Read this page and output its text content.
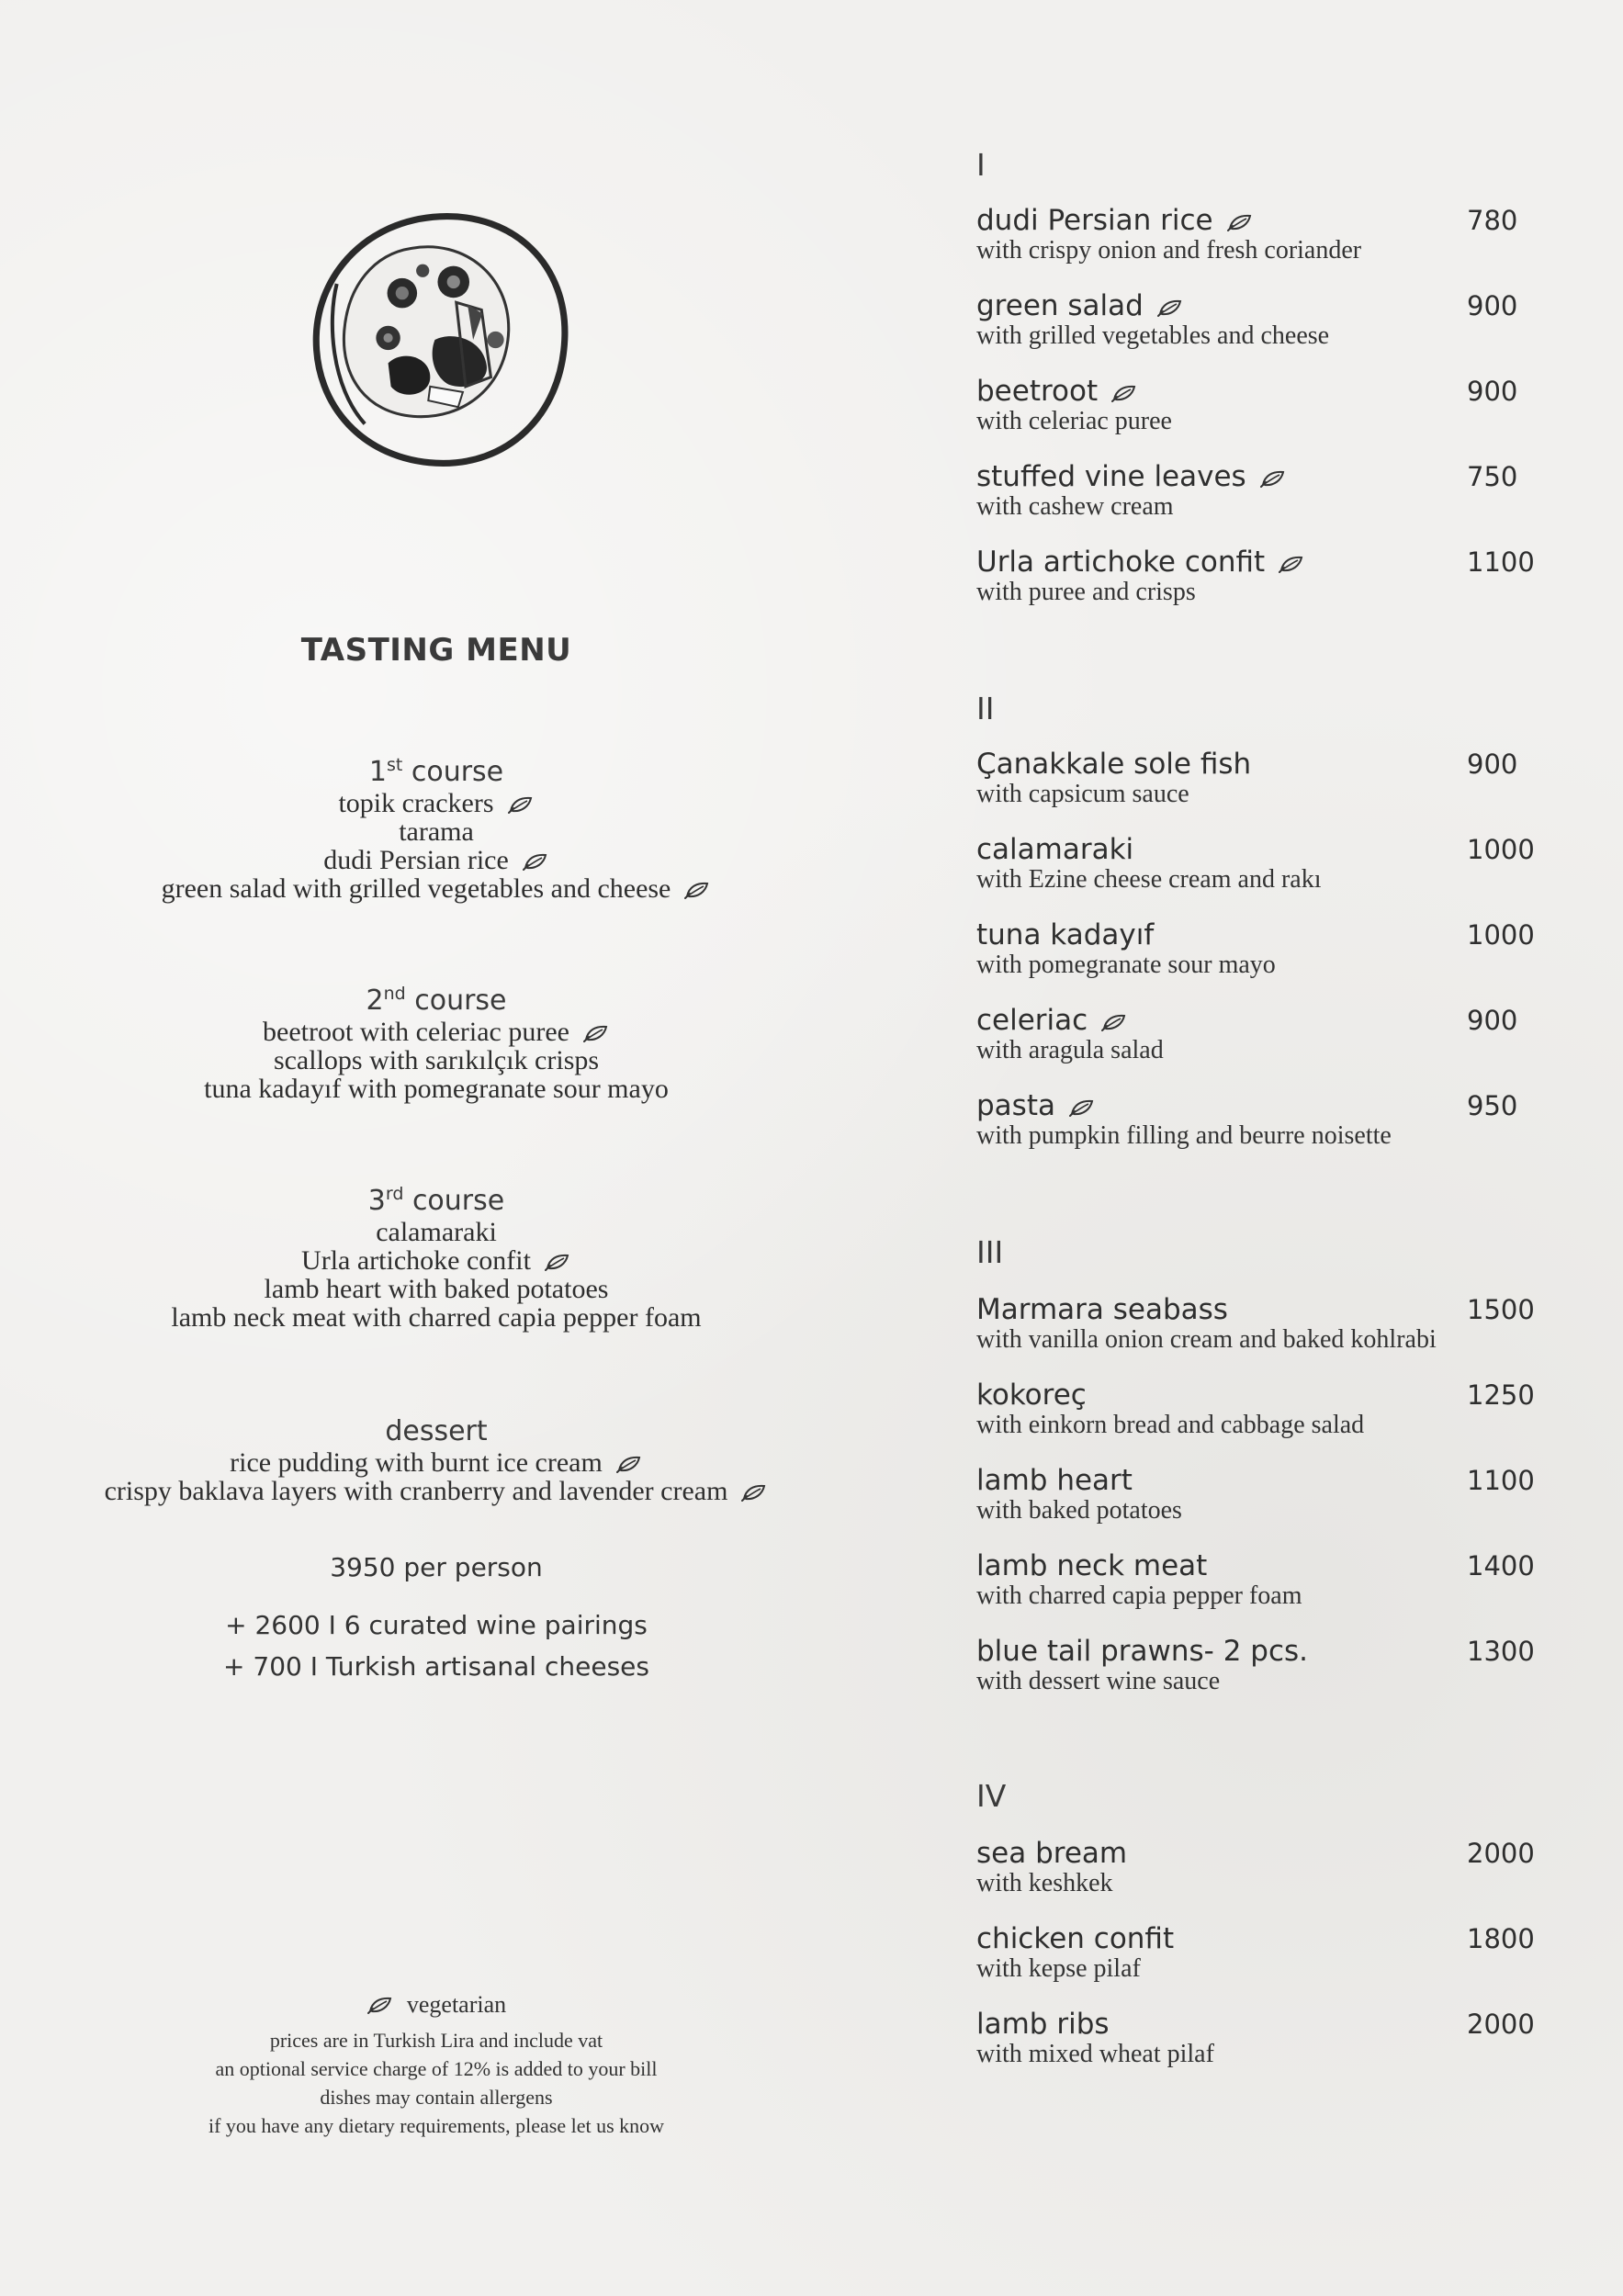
TASTING MENU
1st course
topik crackers
tarama
dudi Persian rice
green salad with grilled vegetables and cheese
2nd course
beetroot with celeriac puree
scallops with sarıkılçık crisps
tuna kadayıf with pomegranate sour mayo
3rd course
calamaraki
Urla artichoke confit
lamb heart with baked potatoes
lamb neck meat with charred capia pepper foam
dessert
rice pudding with burnt ice cream
crispy baklava layers with cranberry and lavender cream
3950 per person
+ 2600 I 6 curated wine pairings
+ 700 I Turkish artisanal cheeses
vegetarian
prices are in Turkish Lira and include vat
an optional service charge of 12% is added to your bill
dishes may contain allergens
if you have any dietary requirements, please let us know
I
dudi Persian rice
with crispy onion and fresh coriander
780
green salad
with grilled vegetables and cheese
900
beetroot
with celeriac puree
900
stuffed vine leaves
with cashew cream
750
Urla artichoke confit
with puree and crisps
1100
II
Çanakkale sole fish
with capsicum sauce
900
calamaraki
with Ezine cheese cream and rakı
1000
tuna kadayıf
with pomegranate sour mayo
1000
celeriac
with aragula salad
900
pasta
with pumpkin filling and beurre noisette
950
III
Marmara seabass
with vanilla onion cream and baked kohlrabi
1500
kokoreç
with einkorn bread and cabbage salad
1250
lamb heart
with baked potatoes
1100
lamb neck meat
with charred capia pepper foam
1400
blue tail prawns- 2 pcs.
with dessert wine sauce
1300
IV
sea bream
with keshkek
2000
chicken confit
with kepse pilaf
1800
lamb ribs
with mixed wheat pilaf
2000
